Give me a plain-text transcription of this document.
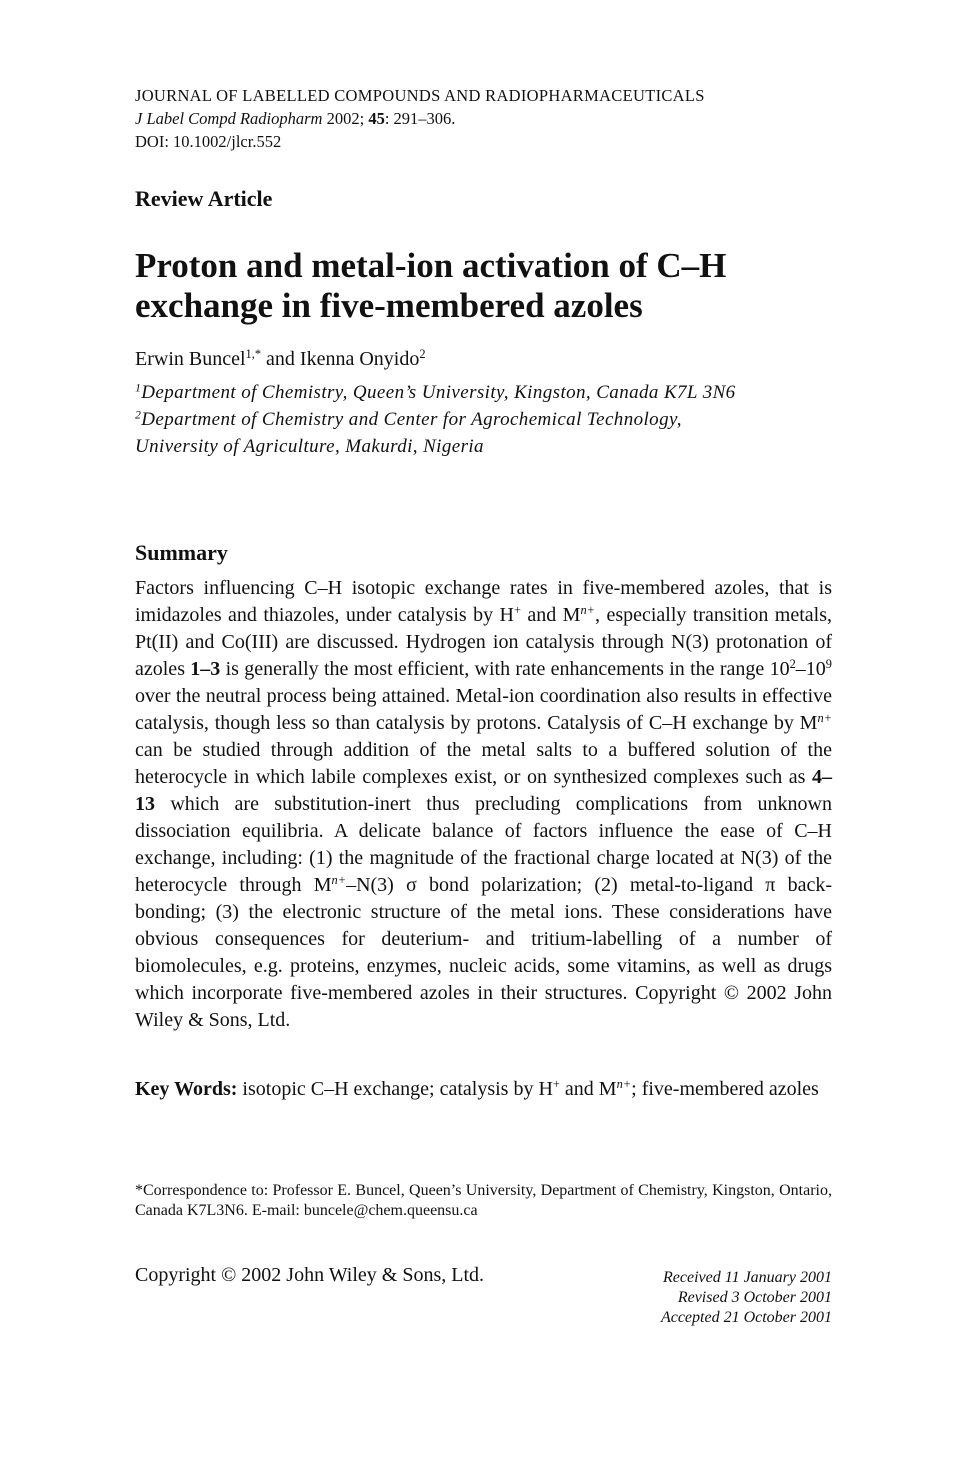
JOURNAL OF LABELLED COMPOUNDS AND RADIOPHARMACEUTICALS
J Label Compd Radiopharm 2002; 45: 291–306.
DOI: 10.1002/jlcr.552
Review Article
Proton and metal-ion activation of C–H
exchange in five-membered azoles
Erwin Buncel$^{1,*}$ and Ikenna Onyido$^2$
$^1$Department of Chemistry, Queen’s University, Kingston, Canada K7L 3N6
$^2$Department of Chemistry and Center for Agrochemical Technology,
University of Agriculture, Makurdi, Nigeria
Summary

Factors influencing C–H isotopic exchange rates in five-membered azoles, that is imidazoles and thiazoles, under catalysis by H+ and $M^{n+}$, especially transition metals, Pt(II) and Co(III) are discussed. Hydrogen ion catalysis through N(3) protonation of azoles 1–3 is generally the most efficient, with rate enhancements in the range $10^2-10^9$ over the neutral process being attained. Metal-ion coordination also results in effective catalysis, though less so than catalysis by protons. Catalysis of C–H exchange by $M^{n+}$ can be studied through addition of the metal salts to a buffered solution of the heterocycle in which labile complexes exist, or on synthesized complexes such as 4–13 which are substitution-inert thus precluding complications from unknown dissociation equilibria. A delicate balance of factors influence the ease of C–H exchange, including: (1) the magnitude of the fractional charge located at N(3) of the heterocycle through $M^{n+}-N(3)$ σ bond polarization; (2) metal-to-ligand π back-bonding; (3) the electronic structure of the metal ions. These considerations have obvious consequences for deuterium- and tritium-labelling of a number of biomolecules, e.g. proteins, enzymes, nucleic acids, some vitamins, as well as drugs which incorporate five-membered azoles in their structures. Copyright © 2002 John Wiley & Sons, Ltd.

Key Words: isotopic C–H exchange; catalysis by H+ and $M^{n+}$; five-membered azoles
*Correspondence to: Professor E. Buncel, Queen’s University, Department of Chemistry, Kingston, Ontario, Canada K7L3N6. E-mail: buncele@chem.queensu.ca
Copyright © 2002 John Wiley & Sons, Ltd.	Received 11 January 2001
Revised 3 October 2001
Accepted 21 October 2001
